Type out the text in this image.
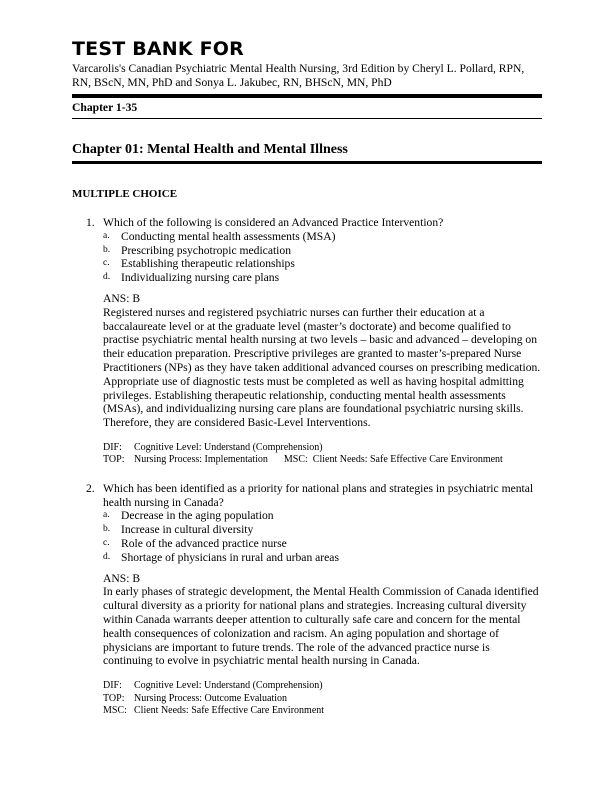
TEST BANK FOR
Varcarolis's Canadian Psychiatric Mental Health Nursing, 3rd Edition by Cheryl L. Pollard, RPN,
RN, BScN, MN, PhD and Sonya L. Jakubec, RN, BHScN, MN, PhD
Chapter 1-35
Chapter 01: Mental Health and Mental Illness
MULTIPLE CHOICE
1. Which of the following is considered an Advanced Practice Intervention?
a. Conducting mental health assessments (MSA)
b. Prescribing psychotropic medication
c. Establishing therapeutic relationships
d. Individualizing nursing care plans
ANS: B
Registered nurses and registered psychiatric nurses can further their education at a baccalaureate level or at the graduate level (master’s doctorate) and become qualified to practise psychiatric mental health nursing at two levels – basic and advanced – developing on their education preparation. Prescriptive privileges are granted to master’s-prepared Nurse Practitioners (NPs) as they have taken additional advanced courses on prescribing medication. Appropriate use of diagnostic tests must be completed as well as having hospital admitting privileges. Establishing therapeutic relationship, conducting mental health assessments (MSAs), and individualizing nursing care plans are foundational psychiatric nursing skills. Therefore, they are considered Basic-Level Interventions.
DIF: Cognitive Level: Understand (Comprehension)
TOP: Nursing Process: Implementation MSC: Client Needs: Safe Effective Care Environment
2. Which has been identified as a priority for national plans and strategies in psychiatric mental health nursing in Canada?
a. Decrease in the aging population
b. Increase in cultural diversity
c. Role of the advanced practice nurse
d. Shortage of physicians in rural and urban areas
ANS: B
In early phases of strategic development, the Mental Health Commission of Canada identified cultural diversity as a priority for national plans and strategies. Increasing cultural diversity within Canada warrants deeper attention to culturally safe care and concern for the mental health consequences of colonization and racism. An aging population and shortage of physicians are important to future trends. The role of the advanced practice nurse is continuing to evolve in psychiatric mental health nursing in Canada.
DIF: Cognitive Level: Understand (Comprehension)
TOP: Nursing Process: Outcome Evaluation
MSC: Client Needs: Safe Effective Care Environment
